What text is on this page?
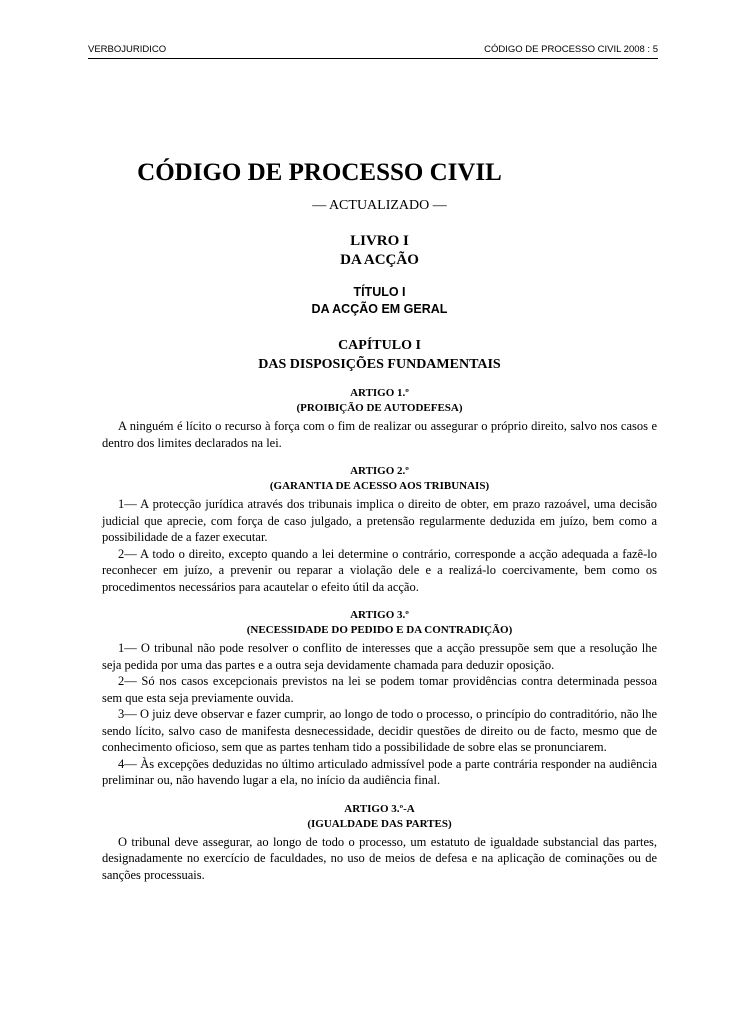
VERBOJURIDICO	CÓDIGO DE PROCESSO CIVIL 2008 : 5
CÓDIGO DE PROCESSO CIVIL
— ACTUALIZADO —
LIVRO I
DA ACÇÃO
TÍTULO I
DA ACÇÃO EM GERAL
CAPÍTULO I
DAS DISPOSIÇÕES FUNDAMENTAIS
ARTIGO 1.º
(PROIBIÇÃO DE AUTODEFESA)

A ninguém é lícito o recurso à força com o fim de realizar ou assegurar o próprio direito, salvo nos casos e dentro dos limites declarados na lei.

ARTIGO 2.º
(GARANTIA DE ACESSO AOS TRIBUNAIS)

1— A protecção jurídica através dos tribunais implica o direito de obter, em prazo razoável, uma decisão judicial que aprecie, com força de caso julgado, a pretensão regularmente deduzida em juízo, bem como a possibilidade de a fazer executar.

2— A todo o direito, excepto quando a lei determine o contrário, corresponde a acção adequada a fazê-lo reconhecer em juízo, a prevenir ou reparar a violação dele e a realizá-lo coercivamente, bem como os procedimentos necessários para acautelar o efeito útil da acção.

ARTIGO 3.º
(NECESSIDADE DO PEDIDO E DA CONTRADIÇÃO)

1— O tribunal não pode resolver o conflito de interesses que a acção pressupõe sem que a resolução lhe seja pedida por uma das partes e a outra seja devidamente chamada para deduzir oposição.

2— Só nos casos excepcionais previstos na lei se podem tomar providências contra determinada pessoa sem que esta seja previamente ouvida.

3— O juiz deve observar e fazer cumprir, ao longo de todo o processo, o princípio do contraditório, não lhe sendo lícito, salvo caso de manifesta desnecessidade, decidir questões de direito ou de facto, mesmo que de conhecimento oficioso, sem que as partes tenham tido a possibilidade de sobre elas se pronunciarem.

4— Às excepções deduzidas no último articulado admissível pode a parte contrária responder na audiência preliminar ou, não havendo lugar a ela, no início da audiência final.

ARTIGO 3.º-A
(IGUALDADE DAS PARTES)

O tribunal deve assegurar, ao longo de todo o processo, um estatuto de igualdade substancial das partes, designadamente no exercício de faculdades, no uso de meios de defesa e na aplicação de cominações ou de sanções processuais.
